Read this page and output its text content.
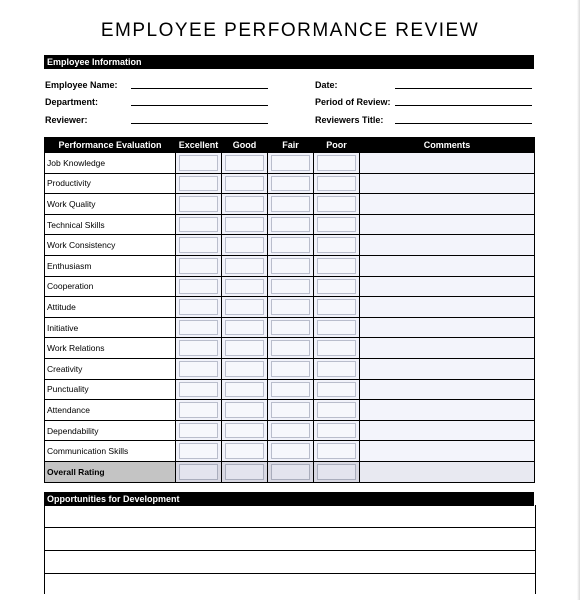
EMPLOYEE PERFORMANCE REVIEW
Employee Information
Employee Name:
Department:
Reviewer:
Date:
Period of Review:
Reviewers Title:
Performance Evaluation	Excellent	Good	Fair	Poor	Comments
Job Knowledge	

Productivity	

Work Quality	

Technical Skills	

Work Consistency	

Enthusiasm	

Cooperation	

Attitude	

Initiative	

Work Relations	

Creativity	

Punctuality	

Attendance	

Dependability	

Communication Skills	

Overall Rating	

Opportunities for Development
